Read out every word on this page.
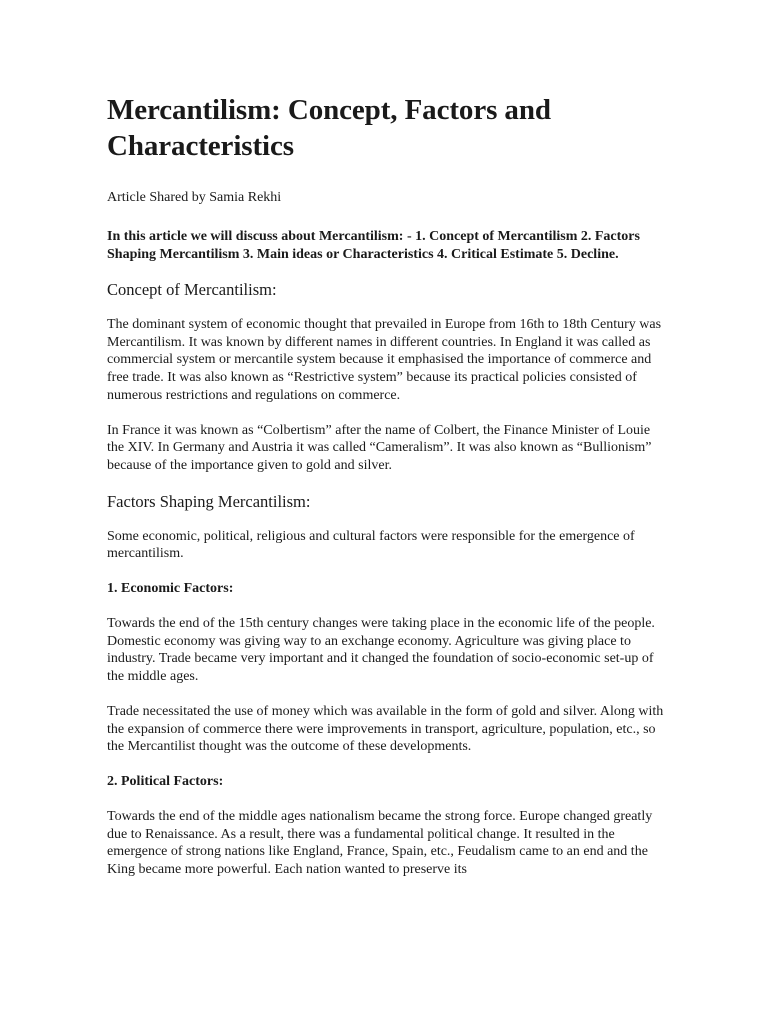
Mercantilism: Concept, Factors and Characteristics
Article Shared by Samia Rekhi
In this article we will discuss about Mercantilism: - 1. Concept of Mercantilism 2. Factors Shaping Mercantilism 3. Main ideas or Characteristics 4. Critical Estimate 5. Decline.
Concept of Mercantilism:

The dominant system of economic thought that prevailed in Europe from 16th to 18th Century was Mercantilism. It was known by different names in different countries. In England it was called as commercial system or mercantile system because it emphasised the importance of commerce and free trade. It was also known as “Restrictive system” because its practical policies consisted of numerous restrictions and regulations on commerce.

In France it was known as “Colbertism” after the name of Colbert, the Finance Minister of Louie the XIV. In Germany and Austria it was called “Cameralism”. It was also known as “Bullionism” because of the importance given to gold and silver.

Factors Shaping Mercantilism:

Some economic, political, religious and cultural factors were responsible for the emergence of mercantilism.

1. Economic Factors:

Towards the end of the 15th century changes were taking place in the economic life of the people. Domestic economy was giving way to an exchange economy. Agriculture was giving place to industry. Trade became very important and it changed the foundation of socio-economic set-up of the middle ages.

Trade necessitated the use of money which was available in the form of gold and silver. Along with the expansion of commerce there were improvements in transport, agriculture, population, etc., so the Mercantilist thought was the outcome of these developments.

2. Political Factors:

Towards the end of the middle ages nationalism became the strong force. Europe changed greatly due to Renaissance. As a result, there was a fundamental political change. It resulted in the emergence of strong nations like England, France, Spain, etc., Feudalism came to an end and the King became more powerful. Each nation wanted to preserve its
